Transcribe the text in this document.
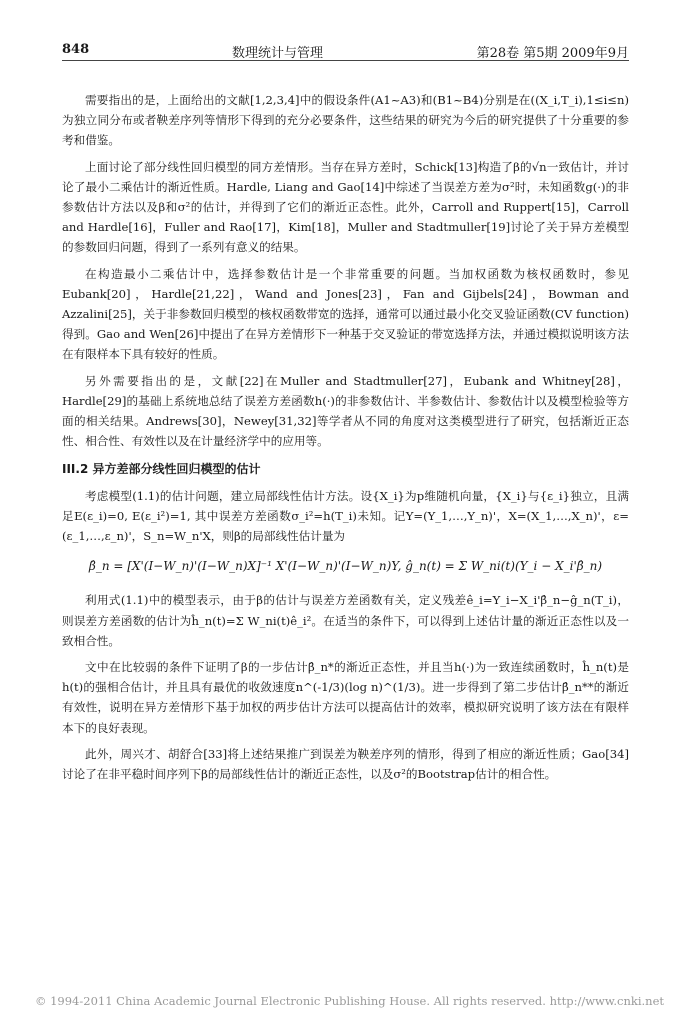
848	数理统计与管理	第28卷 第5期 2009年9月

需要指出的是，上面给出的文献[1,2,3,4]中的假设条件(A1~A3)和(B1~B4)分别是在((X_i,T_i),1≤i≤n)为独立同分布或者鞅差序列等情形下得到的充分必要条件，这些结果的研究为今后的研究提供了十分重要的参考和借鉴。

上面讨论了部分线性回归模型的同方差情形。当存在异方差时，Schick[13]构造了β的√n一致估计，并讨论了最小二乘估计的渐近性质。Hardle, Liang and Gao[14]中综述了当误差方差为σ²时，未知函数g(·)的非参数估计方法以及β和σ²的估计，并得到了它们的渐近正态性。此外，Carroll and Ruppert[15]，Carroll and Hardle[16]，Fuller and Rao[17]，Kim[18]，Muller and Stadtmuller[19]讨论了关于异方差模型的参数回归问题，得到了一系列有意义的结果。

在构造最小二乘估计中，选择参数估计是一个非常重要的问题。当加权函数为核权函数时，参见Eubank[20]，Hardle[21,22]，Wand and Jones[23]，Fan and Gijbels[24]，Bowman and Azzalini[25]，关于非参数回归模型的核权函数带宽的选择，通常可以通过最小化交叉验证函数(CV function)得到。Gao and Wen[26]中提出了在异方差情形下一种基于交叉验证的带宽选择方法，并通过模拟说明该方法在有限样本下具有较好的性质。

另外需要指出的是，文献[22]在Muller and Stadtmuller[27]，Eubank and Whitney[28]，Hardle[29]的基础上系统地总结了误差方差函数h(·)的非参数估计、半参数估计、参数估计以及模型检验等方面的相关结果。Andrews[30]，Newey[31,32]等学者从不同的角度对这类模型进行了研究，包括渐近正态性、相合性、有效性以及在计量经济学中的应用等。

III.2 异方差部分线性回归模型的估计

考虑模型(1.1)的估计问题，建立局部线性估计方法。设{X_i}为p维随机向量，{X_i}与{ε_i}独立，且满足E(ε_i)=0, E(ε_i²)=1, 其中误差方差函数σ_i²=h(T_i)未知。记Y=(Y_1,…,Y_n)'，X=(X_1,…,X_n)'，ε=(ε_1,…,ε_n)'，S_n=W_n'X，则β的局部线性估计量为

β̂_n = [X'(I−W_n)'(I−W_n)X]⁻¹ X'(I−W_n)'(I−W_n)Y, ĝ_n(t) = Σ W_ni(t)(Y_i − X_i'β̂_n)

利用式(1.1)中的模型表示，由于β的估计与误差方差函数有关，定义残差ê_i=Y_i−X_i'β̂_n−ĝ_n(T_i)，则误差方差函数的估计为ĥ_n(t)=Σ W_ni(t)ê_i²。在适当的条件下，可以得到上述估计量的渐近正态性以及一致相合性。

文中在比较弱的条件下证明了β的一步估计β̂_n*的渐近正态性，并且当h(·)为一致连续函数时，ĥ_n(t)是h(t)的强相合估计，并且具有最优的收敛速度n^(-1/3)(log n)^(1/3)。进一步得到了第二步估计β̂_n**的渐近有效性，说明在异方差情形下基于加权的两步估计方法可以提高估计的效率，模拟研究说明了该方法在有限样本下的良好表现。

此外，周兴才、胡舒合[33]将上述结果推广到误差为鞅差序列的情形，得到了相应的渐近性质；Gao[34]讨论了在非平稳时间序列下β的局部线性估计的渐近正态性，以及σ²的Bootstrap估计的相合性。

© 1994-2011 China Academic Journal Electronic Publishing House. All rights reserved. http://www.cnki.net
